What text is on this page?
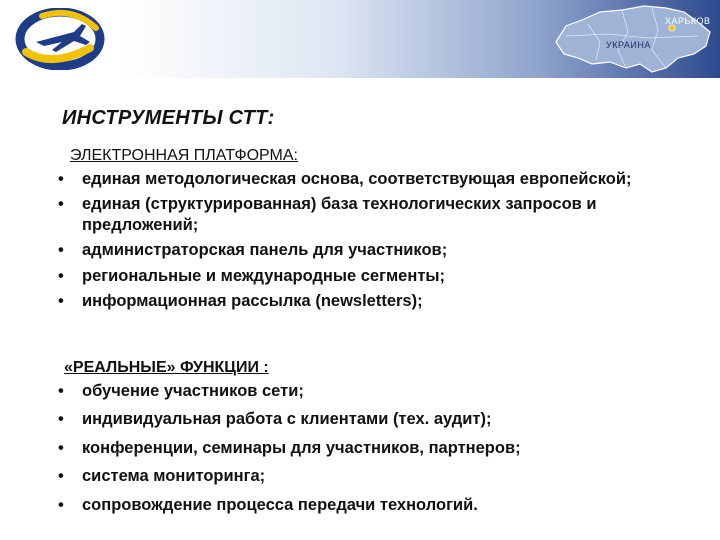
ХАРЬКОВ
УКРАИНА
ИНСТРУМЕНТЫ СТТ:
ЭЛЕКТРОННАЯ ПЛАТФОРМА:
• единая методологическая основа, соответствующая европейской;
• единая (структурированная) база технологических запросов и предложений;
• администраторская панель для участников;
• региональные и международные сегменты;
• информационная рассылка (newsletters);
«РЕАЛЬНЫЕ» ФУНКЦИИ :
• обучение участников сети;
• индивидуальная работа с клиентами (тех. аудит);
• конференции, семинары для участников, партнеров;
• система мониторинга;
• сопровождение процесса передачи технологий.
